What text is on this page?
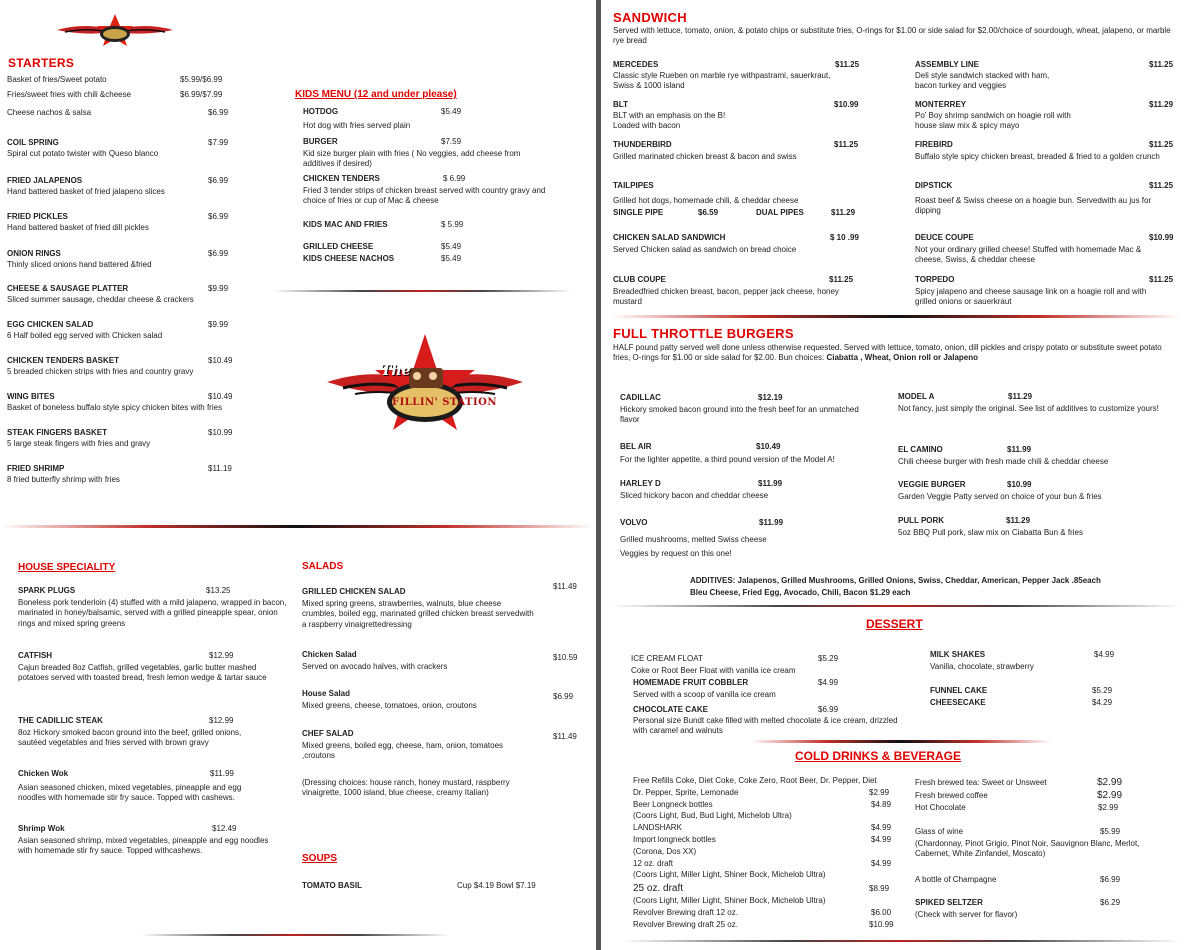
STARTERS
Basket of fries/Sweet potato	$5.99/$6.99
Fries/sweet fries with chili &cheese	$6.99/$7.99
Cheese nachos & salsa	$6.99
COIL SPRING	$7.99
Spiral cut potato twister with Queso blanco
FRIED JALAPENOS	$6.99
Hand battered basket of fried jalapeno slices
FRIED PICKLES	$6.99
Hand battered basket of fried dill pickles
ONION RINGS	$6.99
Thinly sliced onions hand battered &fried
CHEESE & SAUSAGE PLATTER	$9.99
Sliced summer sausage, cheddar cheese & crackers
EGG CHICKEN SALAD	$9.99
6 Half boiled egg served with Chicken salad
CHICKEN TENDERS BASKET	$10.49
5 breaded chicken strips with fries and country gravy
WING BITES	$10.49
Basket of boneless buffalo style spicy chicken bites with fries
STEAK FINGERS BASKET	$10.99
5 large steak fingers with fries and gravy
FRIED SHRIMP	$11.19
8 fried butterfly shrimp with fries
KIDS MENU (12 and under please)
HOTDOG	$5.49
Hot dog with fries served plain
BURGER	$7.59
Kid size burger plain with fries ( No veggies, add cheese from additives if desired)
CHICKEN TENDERS	$ 6.99
Fried 3 tender strips of chicken breast served with country gravy and choice of fries or cup of Mac & cheese
KIDS MAC AND FRIES	$ 5.99
GRILLED CHEESE	$5.49
KIDS CHEESE NACHOS	$5.49
The
FILLIN' STATION
HOUSE SPECIALITY
SPARK PLUGS	$13.25
Boneless pork tenderloin (4) stuffed with a mild jalapeno, wrapped in bacon, marinated in honey/balsamic, served with a grilled pineapple spear, onion rings and mixed spring greens
CATFISH	$12.99
Cajun breaded 8oz Catfish, grilled vegetables, garlic butter mashed potatoes served with toasted bread, fresh lemon wedge & tartar sauce
THE CADILLIC STEAK	$12.99
8oz Hickory smoked bacon ground into the beef, grilled onions, sautéed vegetables and fries served with brown gravy
Chicken Wok	$11.99
Asian seasoned chicken, mixed vegetables, pineapple and egg noodles with homemade stir fry sauce. Topped with cashews.
Shrimp Wok	$12.49
Asian seasoned shrimp, mixed vegetables, pineapple and egg noodles with homemade stir fry sauce. Topped withcashews.
SALADS
GRILLED CHICKEN SALAD
$11.49
Mixed spring greens, strawberries, walnuts, blue cheese crumbles, boiled egg, marinated grilled chicken breast servedwith a raspberry vinaigrettedressing
Chicken Salad	$10.59
Served on avocado halves, with crackers
House Salad	$6.99
Mixed greens, cheese, tomatoes, onion, croutons
CHEF SALAD	$11.49
Mixed greens, boiled egg, cheese, ham, onion, tomatoes ,croutons
(Dressing choices: house ranch, honey mustard, raspberry vinaigrette, 1000 island, blue cheese, creamy Italian)
SOUPS
TOMATO BASIL	Cup $4.19 Bowl $7.19
SANDWICH
Served with lettuce, tomato, onion, & potato chips or substitute fries, O-rings for $1.00 or side salad for $2.00/choice of sourdough, wheat, jalapeno, or marble rye bread
MERCEDES	$11.25
Classic style Rueben on marble rye withpastrami, sauerkraut, Swiss & 1000 island
BLT	$10.99
BLT with an emphasis on the B! Loaded with bacon
THUNDERBIRD	$11.25
Grilled marinated chicken breast & bacon and swiss
TAILPIPES
Grilled hot dogs, homemade chili, & cheddar cheese
SINGLE PIPE	$6.59	DUAL PIPES	$11.29
CHICKEN SALAD SANDWICH	$ 10 .99
Served Chicken salad as sandwich on bread choice
CLUB COUPE	$11.25
Breadedfried chicken breast, bacon, pepper jack cheese, honey mustard
ASSEMBLY LINE	$11.25
Deli style sandwich stacked with ham, bacon turkey and veggies
MONTERREY	$11.29
Po' Boy shrimp sandwich on hoagie roll with house slaw mix & spicy mayo
FIREBIRD	$11.25
Buffalo style spicy chicken breast, breaded & fried to a golden crunch
DIPSTICK	$11.25
Roast beef & Swiss cheese on a hoagie bun. Servedwith au jus for dipping
DEUCE COUPE	$10.99
Not your ordinary grilled cheese! Stuffed with homemade Mac & cheese, Swiss, & cheddar cheese
TORPEDO	$11.25
Spicy jalapeno and cheese sausage link on a hoagie roll and with grilled onions or sauerkraut
FULL THROTTLE BURGERS
HALF pound patty served well done unless otherwise requested. Served with lettuce, tomato, onion, dill pickles and crispy potato or substitute sweet potato fries, O-rings for $1.00 or side salad for $2.00. Bun choices: Ciabatta , Wheat, Onion roll or Jalapeno
CADILLAC	$12.19
Hickory smoked bacon ground into the fresh beef for an unmatched flavor
BEL AIR	$10.49
For the lighter appetite, a third pound version of the Model A!
HARLEY D	$11.99
Sliced hickory bacon and cheddar cheese
VOLVO	$11.99
Grilled mushrooms, melted Swiss cheese Veggies by request on this one!
MODEL A	$11.29
Not fancy, just simply the original. See list of additives to customize yours!
EL CAMINO	$11.99
Chili cheese burger with fresh made chili & cheddar cheese
VEGGIE BURGER	$10.99
Garden Veggie Patty served on choice of your bun & fries
PULL PORK	$11.29
5oz BBQ Pull pork, slaw mix on Ciabatta Bun & fries
ADDITIVES: Jalapenos, Grilled Mushrooms, Grilled Onions, Swiss, Cheddar, American, Pepper Jack .85each
Bleu Cheese, Fried Egg, Avocado, Chili, Bacon $1.29 each
DESSERT
ICE CREAM FLOAT	$5.29
Coke or Root Beer Float with vanilla ice cream
HOMEMADE FRUIT COBBLER	$4.99
Served with a scoop of vanilla ice cream
CHOCOLATE CAKE	$6.99
Personal size Bundt cake filled with melted chocolate & ice cream, drizzled with caramel and walnuts
MILK SHAKES	$4.99
Vanilla, chocolate, strawberry
FUNNEL CAKE	$5.29
CHEESECAKE	$4.29
COLD DRINKS & BEVERAGE
Free Refills Coke, Diet Coke, Coke Zero, Root Beer, Dr. Pepper, Diet
Dr. Pepper, Sprite, Lemonade	$2.99
Beer Longneck bottles	$4.89
(Coors Light, Bud, Bud Light, Michelob Ultra)
LANDSHARK	$4.99
Import longneck bottles	$4.99
(Corona, Dos XX)
12 oz. draft	$4.99
(Coors Light, Miller Light, Shiner Bock, Michelob Ultra)
25 oz. draft	$8.99
(Coors Light, Miller Light, Shiner Bock, Michelob Ultra)
Revolver Brewing draft 12 oz.	$6.00
Revolver Brewing draft 25 oz.	$10.99
Fresh brewed tea: Sweet or Unsweet	$2.99
Fresh brewed coffee	$2.99
Hot Chocolate	$2.99
Glass of wine	$5.99
(Chardonnay, Pinot Grigio, Pinot Noir, Sauvignon Blanc, Merlot, Cabernet, White Zinfandel, Moscato)
A bottle of Champagne	$6.99
SPIKED SELTZER	$6.29
(Check with server for flavor)
